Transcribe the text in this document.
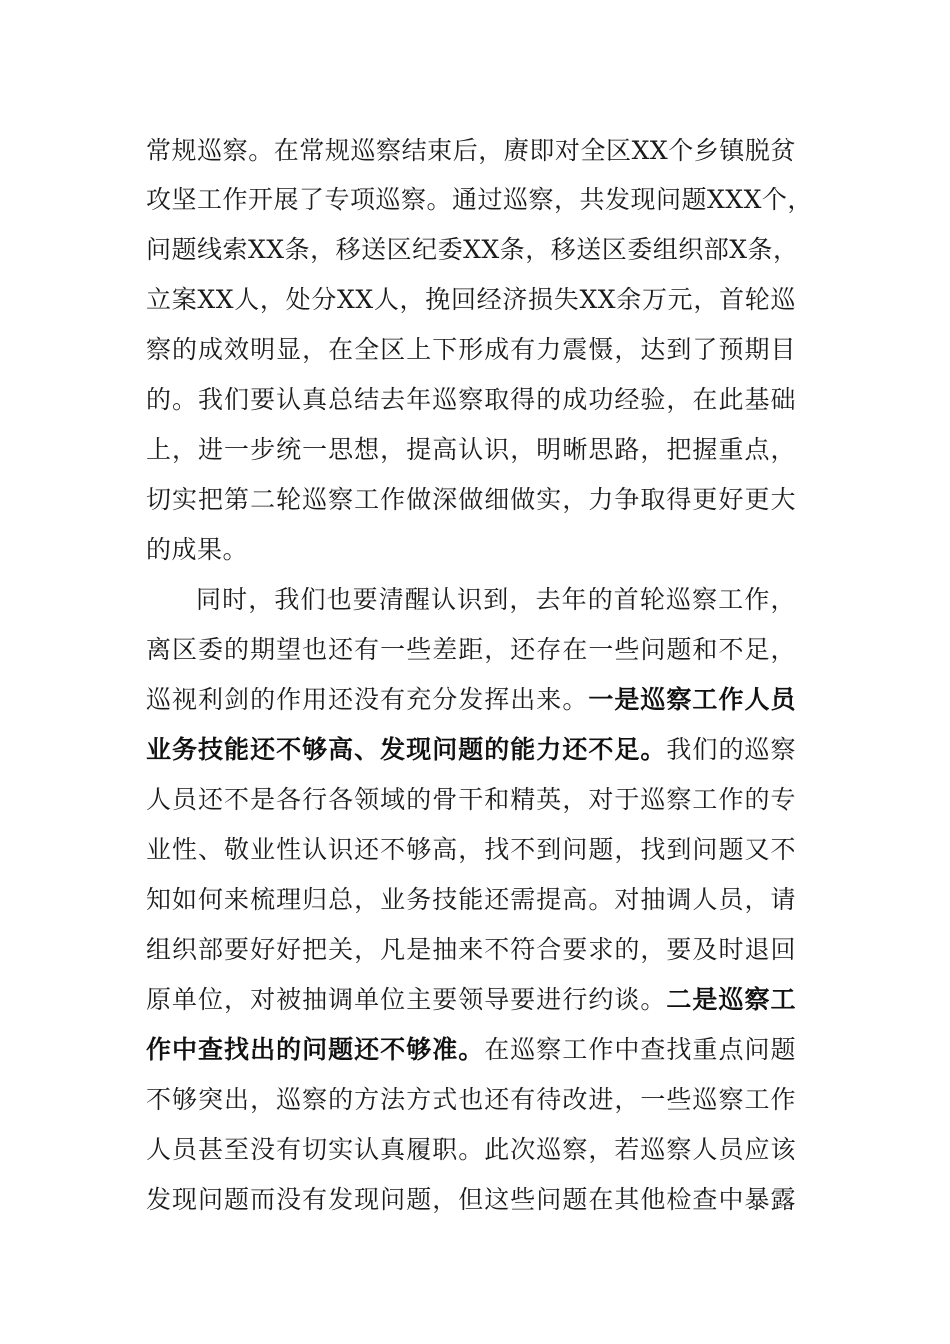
常规巡察。在常规巡察结束后，赓即对全区XX个乡镇脱贫
攻坚工作开展了专项巡察。通过巡察，共发现问题XXX个，
问题线索XX条，移送区纪委XX条，移送区委组织部X条，
立案XX人，处分XX人，挽回经济损失XX余万元，首轮巡
察的成效明显，在全区上下形成有力震慑，达到了预期目
的。我们要认真总结去年巡察取得的成功经验，在此基础
上，进一步统一思想，提高认识，明晰思路，把握重点，
切实把第二轮巡察工作做深做细做实，力争取得更好更大
的成果。
同时，我们也要清醒认识到，去年的首轮巡察工作，
离区委的期望也还有一些差距，还存在一些问题和不足，
巡视利剑的作用还没有充分发挥出来。一是巡察工作人员
业务技能还不够高、发现问题的能力还不足。我们的巡察
人员还不是各行各领域的骨干和精英，对于巡察工作的专
业性、敬业性认识还不够高，找不到问题，找到问题又不
知如何来梳理归总，业务技能还需提高。对抽调人员，请
组织部要好好把关，凡是抽来不符合要求的，要及时退回
原单位，对被抽调单位主要领导要进行约谈。二是巡察工
作中查找出的问题还不够准。在巡察工作中查找重点问题
不够突出，巡察的方法方式也还有待改进，一些巡察工作
人员甚至没有切实认真履职。此次巡察，若巡察人员应该
发现问题而没有发现问题，但这些问题在其他检查中暴露
